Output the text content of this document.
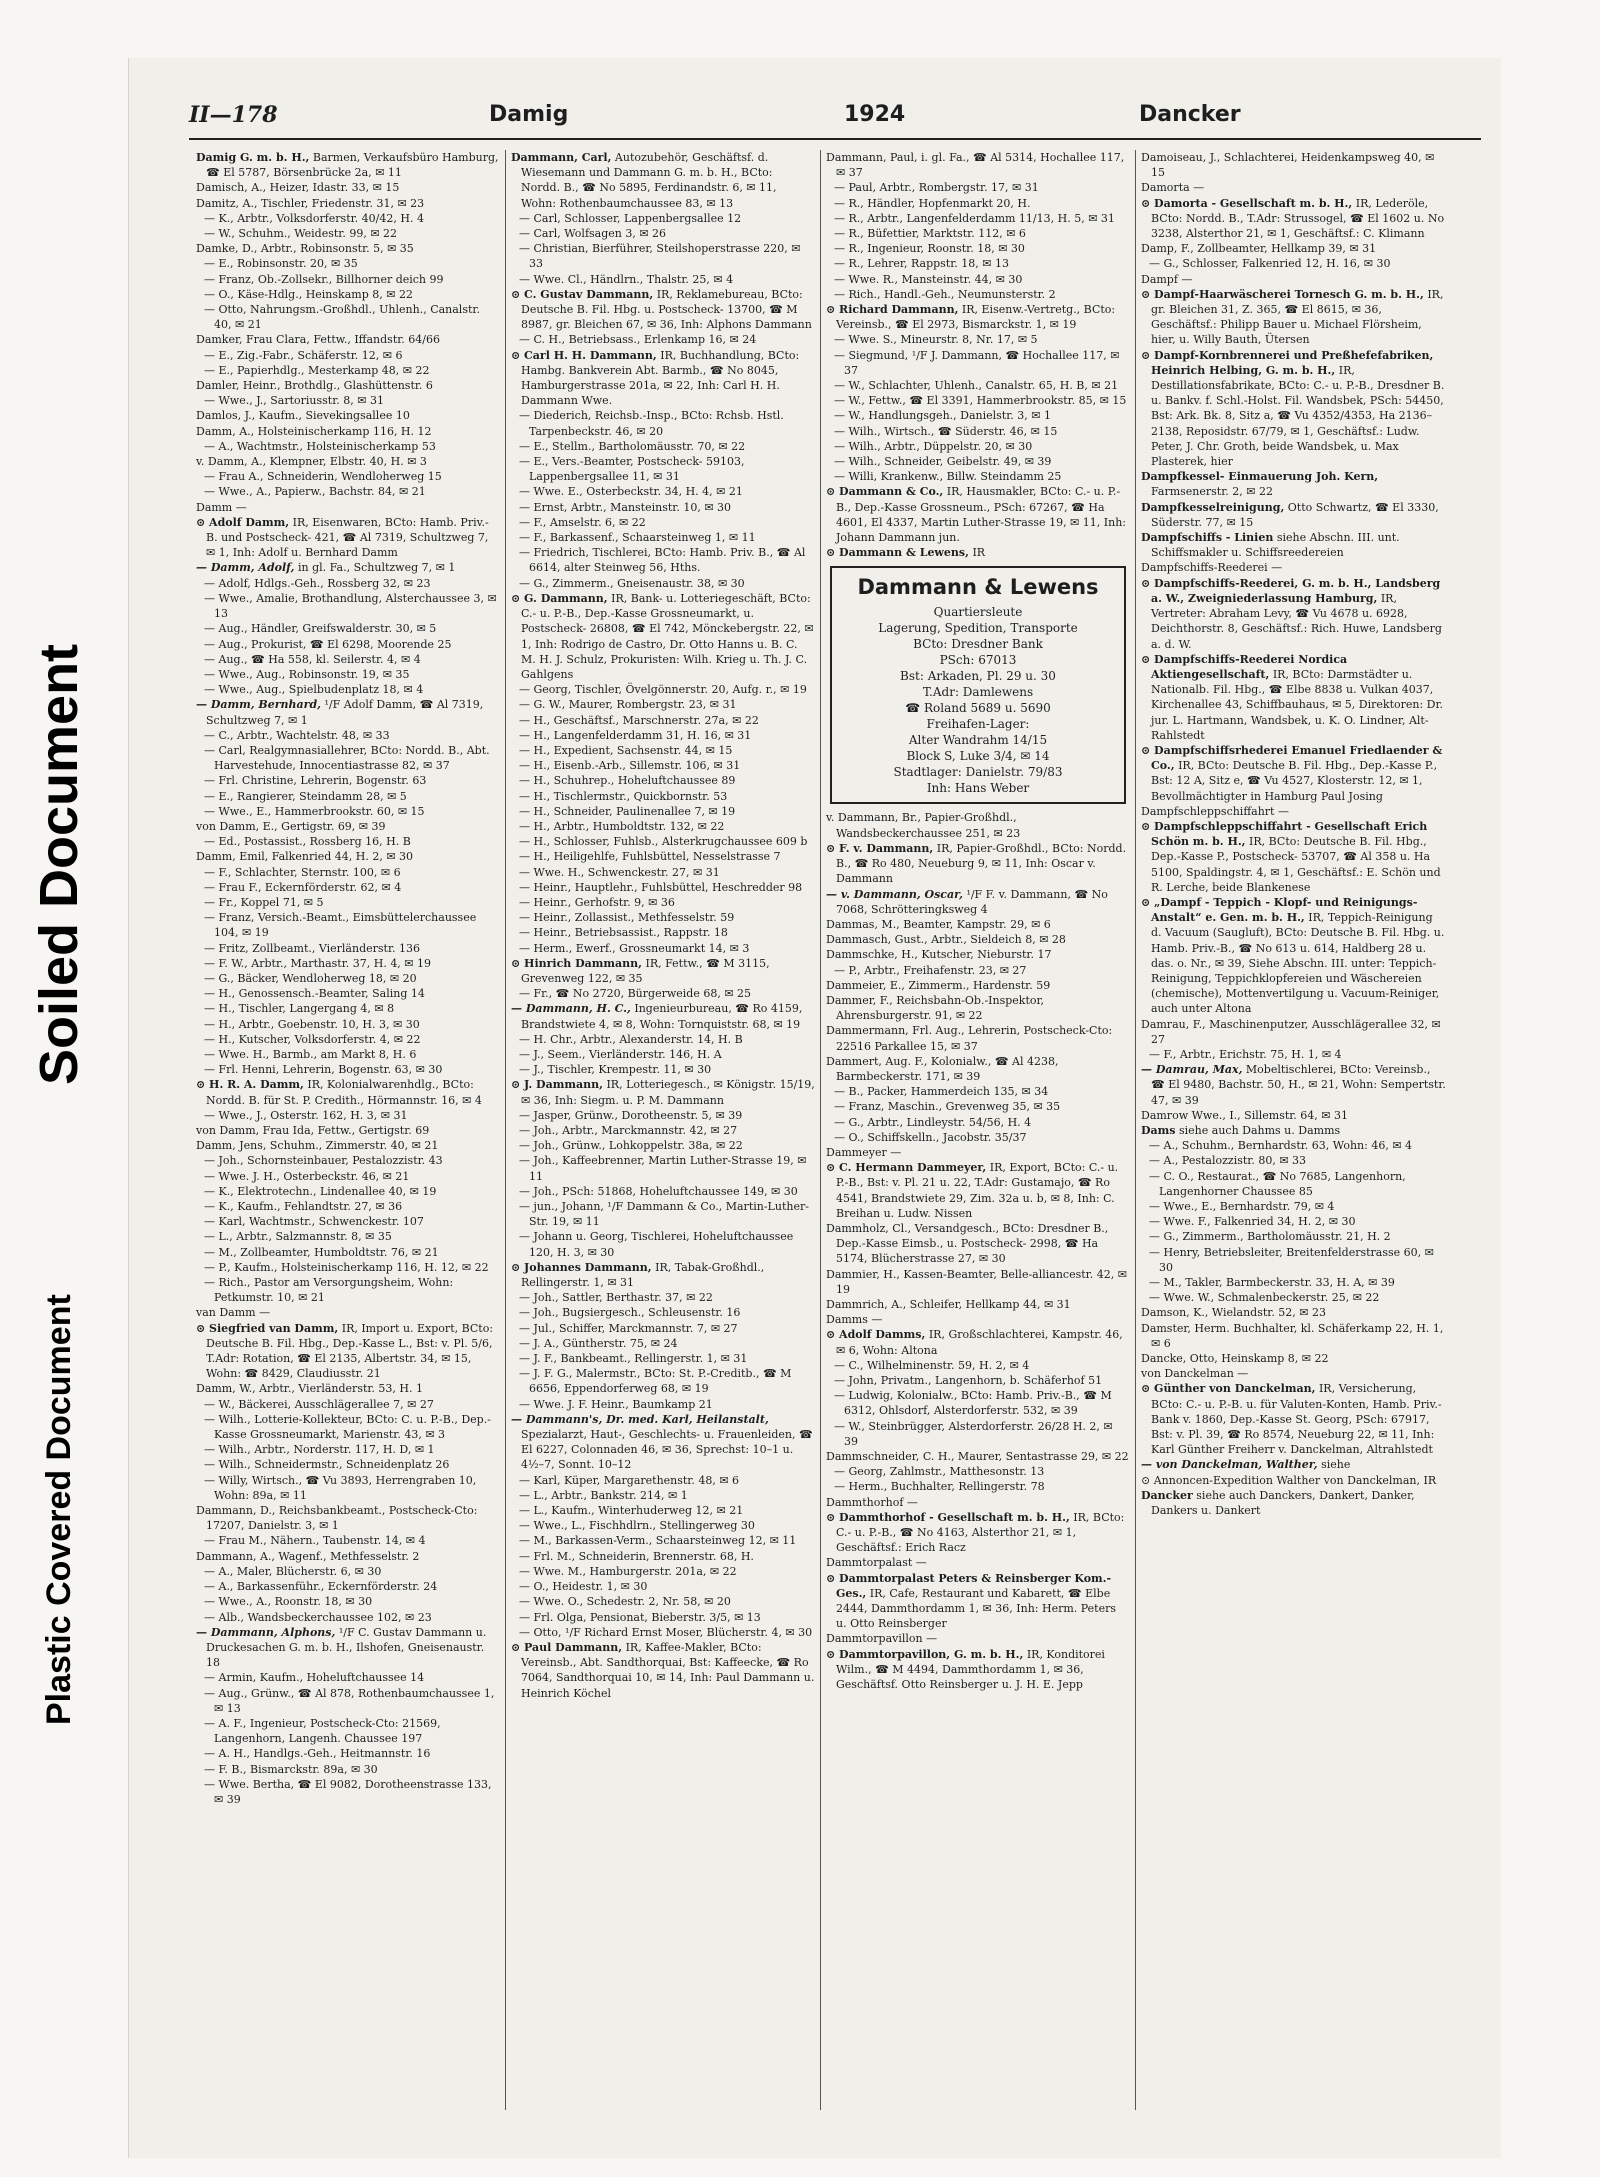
Soiled Document
Plastic Covered Document
II—178	Damig	1924	Dancker

Damig G. m. b. H., Barmen, Verkaufsbüro Hamburg, ☎ El 5787, Börsenbrücke 2a, ✉ 11

Damisch, A., Heizer, Idastr. 33, ✉ 15

Damitz, A., Tischler, Friedenstr. 31, ✉ 23

— K., Arbtr., Volksdorferstr. 40/42, H. 4

— W., Schuhm., Weidestr. 99, ✉ 22

Damke, D., Arbtr., Robinsonstr. 5, ✉ 35

— E., Robinsonstr. 20, ✉ 35

— Franz, Ob.-Zollsekr., Billhorner deich 99

— O., Käse-Hdlg., Heinskamp 8, ✉ 22

— Otto, Nahrungsm.-Großhdl., Uhlenh., Canalstr. 40, ✉ 21

Damker, Frau Clara, Fettw., Iffandstr. 64/66

— E., Zig.-Fabr., Schäferstr. 12, ✉ 6

— E., Papierhdlg., Mesterkamp 48, ✉ 22

Damler, Heinr., Brothdlg., Glashüttenstr. 6

— Wwe., J., Sartoriusstr. 8, ✉ 31

Damlos, J., Kaufm., Sievekingsallee 10

Damm, A., Holsteinischerkamp 116, H. 12

— A., Wachtmstr., Holsteinischerkamp 53

v. Damm, A., Klempner, Elbstr. 40, H. ✉ 3

— Frau A., Schneiderin, Wendloherweg 15

— Wwe., A., Papierw., Bachstr. 84, ✉ 21

Damm —

⊙ Adolf Damm, IR, Eisenwaren, BCto: Hamb. Priv.-B. und Postscheck- 421, ☎ Al 7319, Schultzweg 7, ✉ 1, Inh: Adolf u. Bernhard Damm

— Damm, Adolf, in gl. Fa., Schultzweg 7, ✉ 1

— Adolf, Hdlgs.-Geh., Rossberg 32, ✉ 23

— Wwe., Amalie, Brothandlung, Alsterchaussee 3, ✉ 13

— Aug., Händler, Greifswalderstr. 30, ✉ 5

— Aug., Prokurist, ☎ El 6298, Moorende 25

— Aug., ☎ Ha 558, kl. Seilerstr. 4, ✉ 4

— Wwe., Aug., Robinsonstr. 19, ✉ 35

— Wwe., Aug., Spielbudenplatz 18, ✉ 4

— Damm, Bernhard, ¹/F Adolf Damm, ☎ Al 7319, Schultzweg 7, ✉ 1

— C., Arbtr., Wachtelstr. 48, ✉ 33

— Carl, Realgymnasiallehrer, BCto: Nordd. B., Abt. Harvestehude, Innocentiastrasse 82, ✉ 37

— Frl. Christine, Lehrerin, Bogenstr. 63

— E., Rangierer, Steindamm 28, ✉ 5

— Wwe., E., Hammerbrookstr. 60, ✉ 15

von Damm, E., Gertigstr. 69, ✉ 39

— Ed., Postassist., Rossberg 16, H. B

Damm, Emil, Falkenried 44, H. 2, ✉ 30

— F., Schlachter, Sternstr. 100, ✉ 6

— Frau F., Eckernförderstr. 62, ✉ 4

— Fr., Koppel 71, ✉ 5

— Franz, Versich.-Beamt., Eimsbüttelerchaussee 104, ✉ 19

— Fritz, Zollbeamt., Vierländerstr. 136

— F. W., Arbtr., Marthastr. 37, H. 4, ✉ 19

— G., Bäcker, Wendloherweg 18, ✉ 20

— H., Genossensch.-Beamter, Saling 14

— H., Tischler, Langergang 4, ✉ 8

— H., Arbtr., Goebenstr. 10, H. 3, ✉ 30

— H., Kutscher, Volksdorferstr. 4, ✉ 22

— Wwe. H., Barmb., am Markt 8, H. 6

— Frl. Henni, Lehrerin, Bogenstr. 63, ✉ 30

⊙ H. R. A. Damm, IR, Kolonialwarenhdlg., BCto: Nordd. B. für St. P. Credith., Hörmannstr. 16, ✉ 4

— Wwe., J., Osterstr. 162, H. 3, ✉ 31

von Damm, Frau Ida, Fettw., Gertigstr. 69

Damm, Jens, Schuhm., Zimmerstr. 40, ✉ 21

— Joh., Schornsteinbauer, Pestalozzistr. 43

— Wwe. J. H., Osterbeckstr. 46, ✉ 21

— K., Elektrotechn., Lindenallee 40, ✉ 19

— K., Kaufm., Fehlandtstr. 27, ✉ 36

— Karl, Wachtmstr., Schwenckestr. 107

— L., Arbtr., Salzmannstr. 8, ✉ 35

— M., Zollbeamter, Humboldtstr. 76, ✉ 21

— P., Kaufm., Holsteinischerkamp 116, H. 12, ✉ 22

— Rich., Pastor am Versorgungsheim, Wohn: Petkumstr. 10, ✉ 21

van Damm —

⊙ Siegfried van Damm, IR, Import u. Export, BCto: Deutsche B. Fil. Hbg., Dep.-Kasse L., Bst: v. Pl. 5/6, T.Adr: Rotation, ☎ El 2135, Albertstr. 34, ✉ 15, Wohn: ☎ 8429, Claudiusstr. 21

Damm, W., Arbtr., Vierländerstr. 53, H. 1

— W., Bäckerei, Ausschlägerallee 7, ✉ 27

— Wilh., Lotterie-Kollekteur, BCto: C. u. P.-B., Dep.-Kasse Grossneumarkt, Marienstr. 43, ✉ 3

— Wilh., Arbtr., Norderstr. 117, H. D, ✉ 1

— Wilh., Schneidermstr., Schneidenplatz 26

— Willy, Wirtsch., ☎ Vu 3893, Herrengraben 10, Wohn: 89a, ✉ 11

Dammann, D., Reichsbankbeamt., Postscheck-Cto: 17207, Danielstr. 3, ✉ 1

— Frau M., Nähern., Taubenstr. 14, ✉ 4

Dammann, A., Wagenf., Methfesselstr. 2

— A., Maler, Blücherstr. 6, ✉ 30

— A., Barkassenführ., Eckernförderstr. 24

— Wwe., A., Roonstr. 18, ✉ 30

— Alb., Wandsbeckerchaussee 102, ✉ 23

— Dammann, Alphons, ¹/F C. Gustav Dammann u. Druckesachen G. m. b. H., Ilshofen, Gneisenaustr. 18

— Armin, Kaufm., Hoheluftchaussee 14

— Aug., Grünw., ☎ Al 878, Rothenbaumchaussee 1, ✉ 13

— A. F., Ingenieur, Postscheck-Cto: 21569, Langenhorn, Langenh. Chaussee 197

— A. H., Handlgs.-Geh., Heitmannstr. 16

— F. B., Bismarckstr. 89a, ✉ 30

— Wwe. Bertha, ☎ El 9082, Dorotheenstrasse 133, ✉ 39

Dammann, Carl, Autozubehör, Geschäftsf. d. Wiesemann und Dammann G. m. b. H., BCto: Nordd. B., ☎ No 5895, Ferdinandstr. 6, ✉ 11, Wohn: Rothenbaumchaussee 83, ✉ 13

— Carl, Schlosser, Lappenbergsallee 12

— Carl, Wolfsagen 3, ✉ 26

— Christian, Bierführer, Steilshoperstrasse 220, ✉ 33

— Wwe. Cl., Händlrn., Thalstr. 25, ✉ 4

⊙ C. Gustav Dammann, IR, Reklamebureau, BCto: Deutsche B. Fil. Hbg. u. Postscheck- 13700, ☎ M 8987, gr. Bleichen 67, ✉ 36, Inh: Alphons Dammann

— C. H., Betriebsass., Erlenkamp 16, ✉ 24

⊙ Carl H. H. Dammann, IR, Buchhandlung, BCto: Hambg. Bankverein Abt. Barmb., ☎ No 8045, Hamburgerstrasse 201a, ✉ 22, Inh: Carl H. H. Dammann Wwe.

— Diederich, Reichsb.-Insp., BCto: Rchsb. Hstl. Tarpenbeckstr. 46, ✉ 20

— E., Stellm., Bartholomäusstr. 70, ✉ 22

— E., Vers.-Beamter, Postscheck- 59103, Lappenbergsallee 11, ✉ 31

— Wwe. E., Osterbeckstr. 34, H. 4, ✉ 21

— Ernst, Arbtr., Mansteinstr. 10, ✉ 30

— F., Amselstr. 6, ✉ 22

— F., Barkassenf., Schaarsteinweg 1, ✉ 11

— Friedrich, Tischlerei, BCto: Hamb. Priv. B., ☎ Al 6614, alter Steinweg 56, Hths.

— G., Zimmerm., Gneisenaustr. 38, ✉ 30

⊙ G. Dammann, IR, Bank- u. Lotteriegeschäft, BCto: C.- u. P.-B., Dep.-Kasse Grossneumarkt, u. Postscheck- 26808, ☎ El 742, Mönckebergstr. 22, ✉ 1, Inh: Rodrigo de Castro, Dr. Otto Hanns u. B. C. M. H. J. Schulz, Prokuristen: Wilh. Krieg u. Th. J. C. Gahlgens

— Georg, Tischler, Övelgönnerstr. 20, Aufg. r., ✉ 19

— G. W., Maurer, Rombergstr. 23, ✉ 31

— H., Geschäftsf., Marschnerstr. 27a, ✉ 22

— H., Langenfelderdamm 31, H. 16, ✉ 31

— H., Expedient, Sachsenstr. 44, ✉ 15

— H., Eisenb.-Arb., Sillemstr. 106, ✉ 31

— H., Schuhrep., Hoheluftchaussee 89

— H., Tischlermstr., Quickbornstr. 53

— H., Schneider, Paulinenallee 7, ✉ 19

— H., Arbtr., Humboldtstr. 132, ✉ 22

— H., Schlosser, Fuhlsb., Alsterkrugchaussee 609 b

— H., Heiligehlfe, Fuhlsbüttel, Nesselstrasse 7

— Wwe. H., Schwenckestr. 27, ✉ 31

— Heinr., Hauptlehr., Fuhlsbüttel, Heschredder 98

— Heinr., Gerhofstr. 9, ✉ 36

— Heinr., Zollassist., Methfesselstr. 59

— Heinr., Betriebsassist., Rappstr. 18

— Herm., Ewerf., Grossneumarkt 14, ✉ 3

⊙ Hinrich Dammann, IR, Fettw., ☎ M 3115, Grevenweg 122, ✉ 35

— Fr., ☎ No 2720, Bürgerweide 68, ✉ 25

— Dammann, H. C., Ingenieurbureau, ☎ Ro 4159, Brandstwiete 4, ✉ 8, Wohn: Tornquiststr. 68, ✉ 19

— H. Chr., Arbtr., Alexanderstr. 14, H. B

— J., Seem., Vierländerstr. 146, H. A

— J., Tischler, Krempestr. 11, ✉ 30

⊙ J. Dammann, IR, Lotteriegesch., ✉ Königstr. 15/19, ✉ 36, Inh: Siegm. u. P. M. Dammann

— Jasper, Grünw., Dorotheenstr. 5, ✉ 39

— Joh., Arbtr., Marckmannstr. 42, ✉ 27

— Joh., Grünw., Lohkoppelstr. 38a, ✉ 22

— Joh., Kaffeebrenner, Martin Luther-Strasse 19, ✉ 11

— Joh., PSch: 51868, Hoheluftchaussee 149, ✉ 30

— jun., Johann, ¹/F Dammann & Co., Martin-Luther-Str. 19, ✉ 11

— Johann u. Georg, Tischlerei, Hoheluftchaussee 120, H. 3, ✉ 30

⊙ Johannes Dammann, IR, Tabak-Großhdl., Rellingerstr. 1, ✉ 31

— Joh., Sattler, Berthastr. 37, ✉ 22

— Joh., Bugsiergesch., Schleusenstr. 16

— Jul., Schiffer, Marckmannstr. 7, ✉ 27

— J. A., Güntherstr. 75, ✉ 24

— J. F., Bankbeamt., Rellingerstr. 1, ✉ 31

— J. F. G., Malermstr., BCto: St. P.-Creditb., ☎ M 6656, Eppendorferweg 68, ✉ 19

— Wwe. J. F. Heinr., Baumkamp 21

— Dammann's, Dr. med. Karl, Heilanstalt, Spezialarzt, Haut-, Geschlechts- u. Frauenleiden, ☎ El 6227, Colonnaden 46, ✉ 36, Sprechst: 10–1 u. 4½–7, Sonnt. 10–12

— Karl, Küper, Margarethenstr. 48, ✉ 6

— L., Arbtr., Bankstr. 214, ✉ 1

— L., Kaufm., Winterhuderweg 12, ✉ 21

— Wwe., L., Fischhdlrn., Stellingerweg 30

— M., Barkassen-Verm., Schaarsteinweg 12, ✉ 11

— Frl. M., Schneiderin, Brennerstr. 68, H.

— Wwe. M., Hamburgerstr. 201a, ✉ 22

— O., Heidestr. 1, ✉ 30

— Wwe. O., Schedestr. 2, Nr. 58, ✉ 20

— Frl. Olga, Pensionat, Bieberstr. 3/5, ✉ 13

— Otto, ¹/F Richard Ernst Moser, Blücherstr. 4, ✉ 30

⊙ Paul Dammann, IR, Kaffee-Makler, BCto: Vereinsb., Abt. Sandthorquai, Bst: Kaffeecke, ☎ Ro 7064, Sandthorquai 10, ✉ 14, Inh: Paul Dammann u. Heinrich Köchel

Dammann, Paul, i. gl. Fa., ☎ Al 5314, Hochallee 117, ✉ 37

— Paul, Arbtr., Rombergstr. 17, ✉ 31

— R., Händler, Hopfenmarkt 20, H.

— R., Arbtr., Langenfelderdamm 11/13, H. 5, ✉ 31

— R., Büfettier, Marktstr. 112, ✉ 6

— R., Ingenieur, Roonstr. 18, ✉ 30

— R., Lehrer, Rappstr. 18, ✉ 13

— Wwe. R., Mansteinstr. 44, ✉ 30

— Rich., Handl.-Geh., Neumunsterstr. 2

⊙ Richard Dammann, IR, Eisenw.-Vertretg., BCto: Vereinsb., ☎ El 2973, Bismarckstr. 1, ✉ 19

— Wwe. S., Mineurstr. 8, Nr. 17, ✉ 5

— Siegmund, ¹/F J. Dammann, ☎ Hochallee 117, ✉ 37

— W., Schlachter, Uhlenh., Canalstr. 65, H. B, ✉ 21

— W., Fettw., ☎ El 3391, Hammerbrookstr. 85, ✉ 15

— W., Handlungsgeh., Danielstr. 3, ✉ 1

— Wilh., Wirtsch., ☎ Süderstr. 46, ✉ 15

— Wilh., Arbtr., Düppelstr. 20, ✉ 30

— Wilh., Schneider, Geibelstr. 49, ✉ 39

— Willi, Krankenw., Billw. Steindamm 25

⊙ Dammann & Co., IR, Hausmakler, BCto: C.- u. P.-B., Dep.-Kasse Grossneum., PSch: 67267, ☎ Ha 4601, El 4337, Martin Luther-Strasse 19, ✉ 11, Inh: Johann Dammann jun.

⊙ Dammann & Lewens, IR

Dammann & Lewens
Quartiersleute
Lagerung, Spedition, Transporte
BCto: Dresdner Bank
PSch: 67013
Bst: Arkaden, Pl. 29 u. 30
T.Adr: Damlewens
☎ Roland 5689 u. 5690
Freihafen-Lager:
Alter Wandrahm 14/15
Block S, Luke 3/4, ✉ 14
Stadtlager: Danielstr. 79/83
Inh: Hans Weber

v. Dammann, Br., Papier-Großhdl., Wandsbeckerchaussee 251, ✉ 23

⊙ F. v. Dammann, IR, Papier-Großhdl., BCto: Nordd. B., ☎ Ro 480, Neueburg 9, ✉ 11, Inh: Oscar v. Dammann

— v. Dammann, Oscar, ¹/F F. v. Dammann, ☎ No 7068, Schrötteringksweg 4

Dammas, M., Beamter, Kampstr. 29, ✉ 6

Dammasch, Gust., Arbtr., Sieldeich 8, ✉ 28

Dammschke, H., Kutscher, Nieburstr. 17

— P., Arbtr., Freihafenstr. 23, ✉ 27

Dammeier, E., Zimmerm., Hardenstr. 59

Dammer, F., Reichsbahn-Ob.-Inspektor, Ahrensburgerstr. 91, ✉ 22

Dammermann, Frl. Aug., Lehrerin, Postscheck-Cto: 22516 Parkallee 15, ✉ 37

Dammert, Aug. F., Kolonialw., ☎ Al 4238, Barmbeckerstr. 171, ✉ 39

— B., Packer, Hammerdeich 135, ✉ 34

— Franz, Maschin., Grevenweg 35, ✉ 35

— G., Arbtr., Lindleystr. 54/56, H. 4

— O., Schiffskelln., Jacobstr. 35/37

Dammeyer —

⊙ C. Hermann Dammeyer, IR, Export, BCto: C.- u. P.-B., Bst: v. Pl. 21 u. 22, T.Adr: Gustamajo, ☎ Ro 4541, Brandstwiete 29, Zim. 32a u. b, ✉ 8, Inh: C. Breihan u. Ludw. Nissen

Dammholz, Cl., Versandgesch., BCto: Dresdner B., Dep.-Kasse Eimsb., u. Postscheck- 2998, ☎ Ha 5174, Blücherstrasse 27, ✉ 30

Dammier, H., Kassen-Beamter, Belle-alliancestr. 42, ✉ 19

Dammrich, A., Schleifer, Hellkamp 44, ✉ 31

Damms —

⊙ Adolf Damms, IR, Großschlachterei, Kampstr. 46, ✉ 6, Wohn: Altona

— C., Wilhelminenstr. 59, H. 2, ✉ 4

— John, Privatm., Langenhorn, b. Schäferhof 51

— Ludwig, Kolonialw., BCto: Hamb. Priv.-B., ☎ M 6312, Ohlsdorf, Alsterdorferstr. 532, ✉ 39

— W., Steinbrügger, Alsterdorferstr. 26/28 H. 2, ✉ 39

Dammschneider, C. H., Maurer, Sentastrasse 29, ✉ 22

— Georg, Zahlmstr., Matthesonstr. 13

— Herm., Buchhalter, Rellingerstr. 78

Dammthorhof —

⊙ Dammthorhof - Gesellschaft m. b. H., IR, BCto: C.- u. P.-B., ☎ No 4163, Alsterthor 21, ✉ 1, Geschäftsf.: Erich Racz

Dammtorpalast —

⊙ Dammtorpalast Peters & Reinsberger Kom.-Ges., IR, Cafe, Restaurant und Kabarett, ☎ Elbe 2444, Dammthordamm 1, ✉ 36, Inh: Herm. Peters u. Otto Reinsberger

Dammtorpavillon —

⊙ Dammtorpavillon, G. m. b. H., IR, Konditorei Wilm., ☎ M 4494, Dammthordamm 1, ✉ 36, Geschäftsf. Otto Reinsberger u. J. H. E. Jepp

Damoiseau, J., Schlachterei, Heidenkampsweg 40, ✉ 15

Damorta —

⊙ Damorta - Gesellschaft m. b. H., IR, Lederöle, BCto: Nordd. B., T.Adr: Strussogel, ☎ El 1602 u. No 3238, Alsterthor 21, ✉ 1, Geschäftsf.: C. Klimann

Damp, F., Zollbeamter, Hellkamp 39, ✉ 31

— G., Schlosser, Falkenried 12, H. 16, ✉ 30

Dampf —

⊙ Dampf-Haarwäscherei Tornesch G. m. b. H., IR, gr. Bleichen 31, Z. 365, ☎ El 8615, ✉ 36, Geschäftsf.: Philipp Bauer u. Michael Flörsheim, hier, u. Willy Bauth, Ütersen

⊙ Dampf-Kornbrennerei und Preßhefefabriken, Heinrich Helbing, G. m. b. H., IR, Destillationsfabrikate, BCto: C.- u. P.-B., Dresdner B. u. Bankv. f. Schl.-Holst. Fil. Wandsbek, PSch: 54450, Bst: Ark. Bk. 8, Sitz a, ☎ Vu 4352/4353, Ha 2136–2138, Reposidstr. 67/79, ✉ 1, Geschäftsf.: Ludw. Peter, J. Chr. Groth, beide Wandsbek, u. Max Plasterek, hier

Dampfkessel- Einmauerung Joh. Kern, Farmsenerstr. 2, ✉ 22

Dampfkesselreinigung, Otto Schwartz, ☎ El 3330, Süderstr. 77, ✉ 15

Dampfschiffs - Linien siehe Abschn. III. unt. Schiffsmakler u. Schiffsreedereien

Dampfschiffs-Reederei —

⊙ Dampfschiffs-Reederei, G. m. b. H., Landsberg a. W., Zweigniederlassung Hamburg, IR, Vertreter: Abraham Levy, ☎ Vu 4678 u. 6928, Deichthorstr. 8, Geschäftsf.: Rich. Huwe, Landsberg a. d. W.

⊙ Dampfschiffs-Reederei Nordica Aktiengesellschaft, IR, BCto: Darmstädter u. Nationalb. Fil. Hbg., ☎ Elbe 8838 u. Vulkan 4037, Kirchenallee 43, Schiffbauhaus, ✉ 5, Direktoren: Dr. jur. L. Hartmann, Wandsbek, u. K. O. Lindner, Alt-Rahlstedt

⊙ Dampfschiffsrhederei Emanuel Friedlaender & Co., IR, BCto: Deutsche B. Fil. Hbg., Dep.-Kasse P., Bst: 12 A, Sitz e, ☎ Vu 4527, Klosterstr. 12, ✉ 1, Bevollmächtigter in Hamburg Paul Josing

Dampfschleppschiffahrt —

⊙ Dampfschleppschiffahrt - Gesellschaft Erich Schön m. b. H., IR, BCto: Deutsche B. Fil. Hbg., Dep.-Kasse P., Postscheck- 53707, ☎ Al 358 u. Ha 5100, Spaldingstr. 4, ✉ 1, Geschäftsf.: E. Schön und R. Lerche, beide Blankenese

⊙ „Dampf - Teppich - Klopf- und Reinigungs-Anstalt“ e. Gen. m. b. H., IR, Teppich-Reinigung d. Vacuum (Saugluft), BCto: Deutsche B. Fil. Hbg. u. Hamb. Priv.-B., ☎ No 613 u. 614, Haldberg 28 u. das. o. Nr., ✉ 39, Siehe Abschn. III. unter: Teppich-Reinigung, Teppichklopfereien und Wäschereien (chemische), Mottenvertilgung u. Vacuum-Reiniger, auch unter Altona

Damrau, F., Maschinenputzer, Ausschlägerallee 32, ✉ 27

— F., Arbtr., Erichstr. 75, H. 1, ✉ 4

— Damrau, Max, Mobeltischlerei, BCto: Vereinsb., ☎ El 9480, Bachstr. 50, H., ✉ 21, Wohn: Sempertstr. 47, ✉ 39

Damrow Wwe., I., Sillemstr. 64, ✉ 31

Dams siehe auch Dahms u. Damms

— A., Schuhm., Bernhardstr. 63, Wohn: 46, ✉ 4

— A., Pestalozzistr. 80, ✉ 33

— C. O., Restaurat., ☎ No 7685, Langenhorn, Langenhorner Chaussee 85

— Wwe., E., Bernhardstr. 79, ✉ 4

— Wwe. F., Falkenried 34, H. 2, ✉ 30

— G., Zimmerm., Bartholomäusstr. 21, H. 2

— Henry, Betriebsleiter, Breitenfelderstrasse 60, ✉ 30

— M., Takler, Barmbeckerstr. 33, H. A, ✉ 39

— Wwe. W., Schmalenbeckerstr. 25, ✉ 22

Damson, K., Wielandstr. 52, ✉ 23

Damster, Herm. Buchhalter, kl. Schäferkamp 22, H. 1, ✉ 6

Dancke, Otto, Heinskamp 8, ✉ 22

von Danckelman —

⊙ Günther von Danckelman, IR, Versicherung, BCto: C.- u. P.-B. u. für Valuten-Konten, Hamb. Priv.-Bank v. 1860, Dep.-Kasse St. Georg, PSch: 67917, Bst: v. Pl. 39, ☎ Ro 8574, Neueburg 22, ✉ 11, Inh: Karl Günther Freiherr v. Danckelman, Altrahlstedt

— von Danckelman, Walther, siehe

⊙ Annoncen-Expedition Walther von Danckelman, IR

Dancker siehe auch Danckers, Dankert, Danker, Dankers u. Dankert
